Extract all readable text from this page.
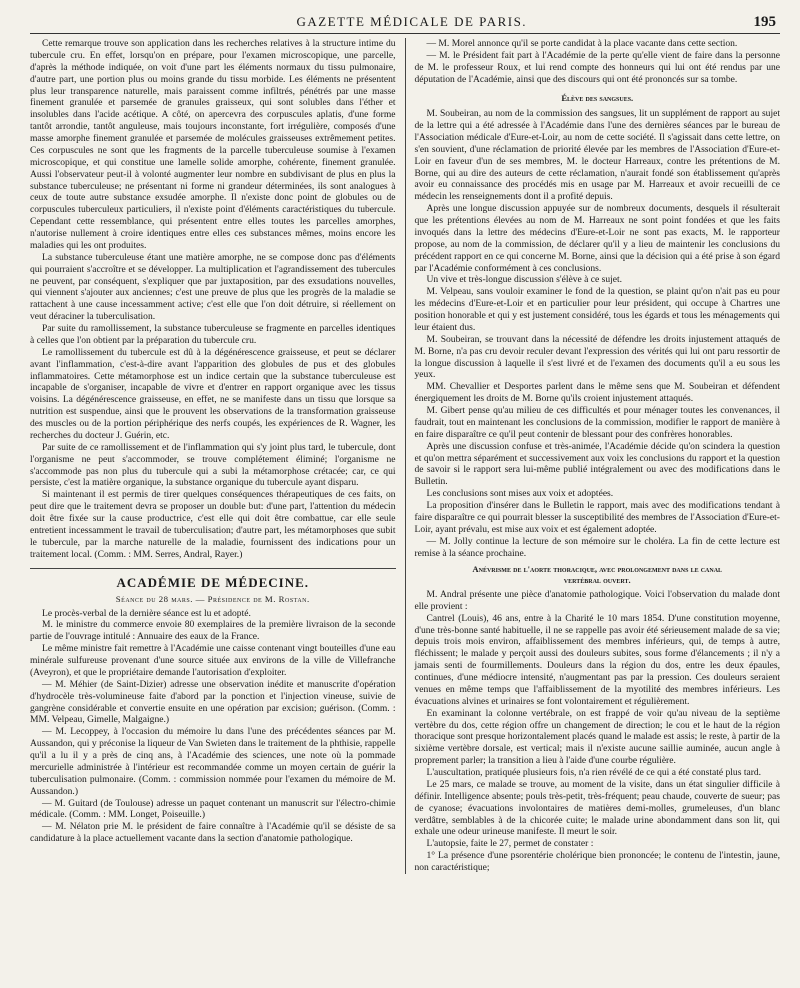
GAZETTE MÉDICALE DE PARIS.	195

Cette remarque trouve son application dans les recherches relatives à la structure intime du tubercule cru. En effet, lorsqu'on en prépare, pour l'examen microscopique, une parcelle, d'après la méthode indiquée, on voit d'une part les éléments normaux du tissu pulmonaire, d'autre part, une portion plus ou moins grande du tissu morbide. Les éléments ne présentent plus leur transparence naturelle, mais paraissent comme infiltrés, pénétrés par une masse finement granulée et parsemée de granules graisseux, qui sont solubles dans l'éther et insolubles dans l'acide acétique. A côté, on apercevra des corpuscules aplatis, d'une forme tantôt arrondie, tantôt anguleuse, mais toujours inconstante, fort irrégulière, composés d'une masse amorphe finement granulée et parsemée de molécules graisseuses extrêmement petites. Ces corpuscules ne sont que les fragments de la parcelle tuberculeuse soumise à l'examen microscopique, et qui constitue une lamelle solide amorphe, cohérente, finement granulée. Aussi l'observateur peut-il à volonté augmenter leur nombre en subdivisant de plus en plus la substance tuberculeuse; ne présentant ni forme ni grandeur déterminées, ils sont analogues à ceux de toute autre substance exsudée amorphe. Il n'existe donc point de globules ou de corpuscules tuberculeux particuliers, il n'existe point d'éléments caractéristiques du tubercule. Cependant cette ressemblance, qui présentent entre elles toutes les parcelles amorphes, n'autorise nullement à croire identiques entre elles ces substances mêmes, moins encore les maladies qui les ont produites.

La substance tuberculeuse étant une matière amorphe, ne se compose donc pas d'éléments qui pourraient s'accroître et se développer. La multiplication et l'agrandissement des tubercules ne peuvent, par conséquent, s'expliquer que par juxtaposition, par des exsudations nouvelles, qui viennent s'ajouter aux anciennes; c'est une preuve de plus que les progrès de la maladie se rattachent à une cause incessamment active; c'est elle que l'on doit détruire, si réellement on veut déraciner la tuberculisation.

Par suite du ramollissement, la substance tuberculeuse se fragmente en parcelles identiques à celles que l'on obtient par la préparation du tubercule cru.

Le ramollissement du tubercule est dû à la dégénérescence graisseuse, et peut se déclarer avant l'inflammation, c'est-à-dire avant l'apparition des globules de pus et des globules inflammatoires. Cette métamorphose est un indice certain que la substance tuberculeuse est incapable de s'organiser, incapable de vivre et d'entrer en rapport organique avec les tissus voisins. La dégénérescence graisseuse, en effet, ne se manifeste dans un tissu que lorsque sa nutrition est suspendue, ainsi que le prouvent les observations de la transformation graisseuse des muscles ou de la portion périphérique des nerfs coupés, les expériences de R. Wagner, les recherches du docteur J. Guérin, etc.

Par suite de ce ramollissement et de l'inflammation qui s'y joint plus tard, le tubercule, dont l'organisme ne peut s'accommoder, se trouve complétement éliminé; l'organisme ne s'accommode pas non plus du tubercule qui a subi la métamorphose crétacée; car, ce qui persiste, c'est la matière organique, la substance organique du tubercule ayant disparu.

Si maintenant il est permis de tirer quelques conséquences thérapeutiques de ces faits, on peut dire que le traitement devra se proposer un double but: d'une part, l'attention du médecin doit être fixée sur la cause productrice, c'est elle qui doit être combattue, car elle seule entretient incessamment le travail de tuberculisation; d'autre part, les métamorphoses que subit le tubercule, par la marche naturelle de la maladie, fournissent des indications pour un traitement local. (Comm. : MM. Serres, Andral, Rayer.)

ACADÉMIE DE MÉDECINE.
Séance du 28 mars. — Présidence de M. Rostan.

Le procès-verbal de la dernière séance est lu et adopté.

M. le ministre du commerce envoie 80 exemplaires de la première livraison de la seconde partie de l'ouvrage intitulé : Annuaire des eaux de la France.

Le même ministre fait remettre à l'Académie une caisse contenant vingt bouteilles d'une eau minérale sulfureuse provenant d'une source située aux environs de la ville de Villefranche (Aveyron), et que le propriétaire demande l'autorisation d'exploiter.

— M. Méhier (de Saint-Dizier) adresse une observation inédite et manuscrite d'opération d'hydrocèle très-volumineuse faite d'abord par la ponction et l'injection vineuse, suivie de gangrène considérable et convertie ensuite en une opération par excision; guérison. (Comm. : MM. Velpeau, Gimelle, Malgaigne.)

— M. Lecoppey, à l'occasion du mémoire lu dans l'une des précédentes séances par M. Aussandon, qui y préconise la liqueur de Van Swieten dans le traitement de la phthisie, rappelle qu'il a lu il y a près de cinq ans, à l'Académie des sciences, une note où la pommade mercurielle administrée à l'intérieur est recommandée comme un moyen certain de guérir la tuberculisation pulmonaire. (Comm. : commission nommée pour l'examen du mémoire de M. Aussandon.)

— M. Guitard (de Toulouse) adresse un paquet contenant un manuscrit sur l'électro-chimie médicale. (Comm. : MM. Longet, Poiseuille.)

— M. Nélaton prie M. le président de faire connaître à l'Académie qu'il se désiste de sa candidature à la place actuellement vacante dans la section d'anatomie pathologique.

— M. Morel annonce qu'il se porte candidat à la place vacante dans cette section.

— M. le Président fait part à l'Académie de la perte qu'elle vient de faire dans la personne de M. le professeur Roux, et lui rend compte des honneurs qui lui ont été rendus par une députation de l'Académie, ainsi que des discours qui ont été prononcés sur sa tombe.

Élève des sangsues.

M. Soubeiran, au nom de la commission des sangsues, lit un supplément de rapport au sujet de la lettre qui a été adressée à l'Académie dans l'une des dernières séances par le bureau de l'Association médicale d'Eure-et-Loir, au nom de cette société. Il s'agissait dans cette lettre, on s'en souvient, d'une réclamation de priorité élevée par les membres de l'Association d'Eure-et-Loir en faveur d'un de ses membres, M. le docteur Harreaux, contre les prétentions de M. Borne, qui au dire des auteurs de cette réclamation, n'aurait fondé son établissement qu'après avoir eu connaissance des procédés mis en usage par M. Harreaux et avoir recueilli de ce médecin les renseignements dont il a profité depuis.

Après une longue discussion appuyée sur de nombreux documents, desquels il résulterait que les prétentions élevées au nom de M. Harreaux ne sont point fondées et que les faits invoqués dans la lettre des médecins d'Eure-et-Loir ne sont pas exacts, M. le rapporteur propose, au nom de la commission, de déclarer qu'il y a lieu de maintenir les conclusions du précédent rapport en ce qui concerne M. Borne, ainsi que la décision qui a été prise à son égard par l'Académie conformément à ces conclusions.

Un vive et très-longue discussion s'élève à ce sujet.

M. Velpeau, sans vouloir examiner le fond de la question, se plaint qu'on n'ait pas eu pour les médecins d'Eure-et-Loir et en particulier pour leur président, qui occupe à Chartres une position honorable et qui y est justement considéré, tous les égards et tous les ménagements qui leur étaient dus.

M. Soubeiran, se trouvant dans la nécessité de défendre les droits injustement attaqués de M. Borne, n'a pas cru devoir reculer devant l'expression des vérités qui lui ont paru ressortir de la longue discussion à laquelle il s'est livré et de l'examen des documents qu'il a eu sous les yeux.

MM. Chevallier et Desportes parlent dans le même sens que M. Soubeiran et défendent énergiquement les droits de M. Borne qu'ils croient injustement attaqués.

M. Gibert pense qu'au milieu de ces difficultés et pour ménager toutes les convenances, il faudrait, tout en maintenant les conclusions de la commission, modifier le rapport de manière à en faire disparaître ce qu'il peut contenir de blessant pour des confrères honorables.

Après une discussion confuse et très-animée, l'Académie décide qu'on scindera la question et qu'on mettra séparément et successivement aux voix les conclusions du rapport et la question de savoir si le rapport sera lui-même publié intégralement ou avec des modifications dans le Bulletin.

Les conclusions sont mises aux voix et adoptées.

La proposition d'insérer dans le Bulletin le rapport, mais avec des modifications tendant à faire disparaître ce qui pourrait blesser la susceptibilité des membres de l'Association d'Eure-et-Loir, ayant prévalu, est mise aux voix et est également adoptée.

— M. Jolly continue la lecture de son mémoire sur le choléra. La fin de cette lecture est remise à la séance prochaine.

Anévrisme de l'aorte thoracique, avec prolongement dans le canal
vertébral ouvert.

M. Andral présente une pièce d'anatomie pathologique. Voici l'observation du malade dont elle provient :

Cantrel (Louis), 46 ans, entre à la Charité le 10 mars 1854. D'une constitution moyenne, d'une très-bonne santé habituelle, il ne se rappelle pas avoir été sérieusement malade de sa vie; depuis trois mois environ, affaiblissement des membres inférieurs, qui, de temps à autre, fléchissent; le malade y perçoit aussi des douleurs subites, sous forme d'élancements ; il n'y a jamais senti de fourmillements. Douleurs dans la région du dos, entre les deux épaules, continues, d'une médiocre intensité, n'augmentant pas par la pression. Ces douleurs seraient venues en même temps que l'affaiblissement de la myotilité des membres inférieurs. Les évacuations alvines et urinaires se font volontairement et régulièrement.

En examinant la colonne vertébrale, on est frappé de voir qu'au niveau de la septième vertèbre du dos, cette région offre un changement de direction; le cou et le haut de la région thoracique sont presque horizontalement placés quand le malade est assis; le reste, à partir de la sixième vertèbre dorsale, est vertical; mais il n'existe aucune saillie auminée, aucun angle à proprement parler; la transition a lieu à l'aide d'une courbe régulière.

L'auscultation, pratiquée plusieurs fois, n'a rien révélé de ce qui a été constaté plus tard.

Le 25 mars, ce malade se trouve, au moment de la visite, dans un état singulier difficile à définir. Intelligence absente; pouls très-petit, très-fréquent; peau chaude, couverte de sueur; pas de cyanose; évacuations involontaires de matières demi-molles, grumeleuses, d'un blanc verdâtre, semblables à de la chicorée cuite; le malade urine abondamment dans son lit, qui exhale une odeur urineuse manifeste. Il meurt le soir.

L'autopsie, faite le 27, permet de constater :

1° La présence d'une psorentérie cholérique bien prononcée; le contenu de l'intestin, jaune, non caractéristique;
